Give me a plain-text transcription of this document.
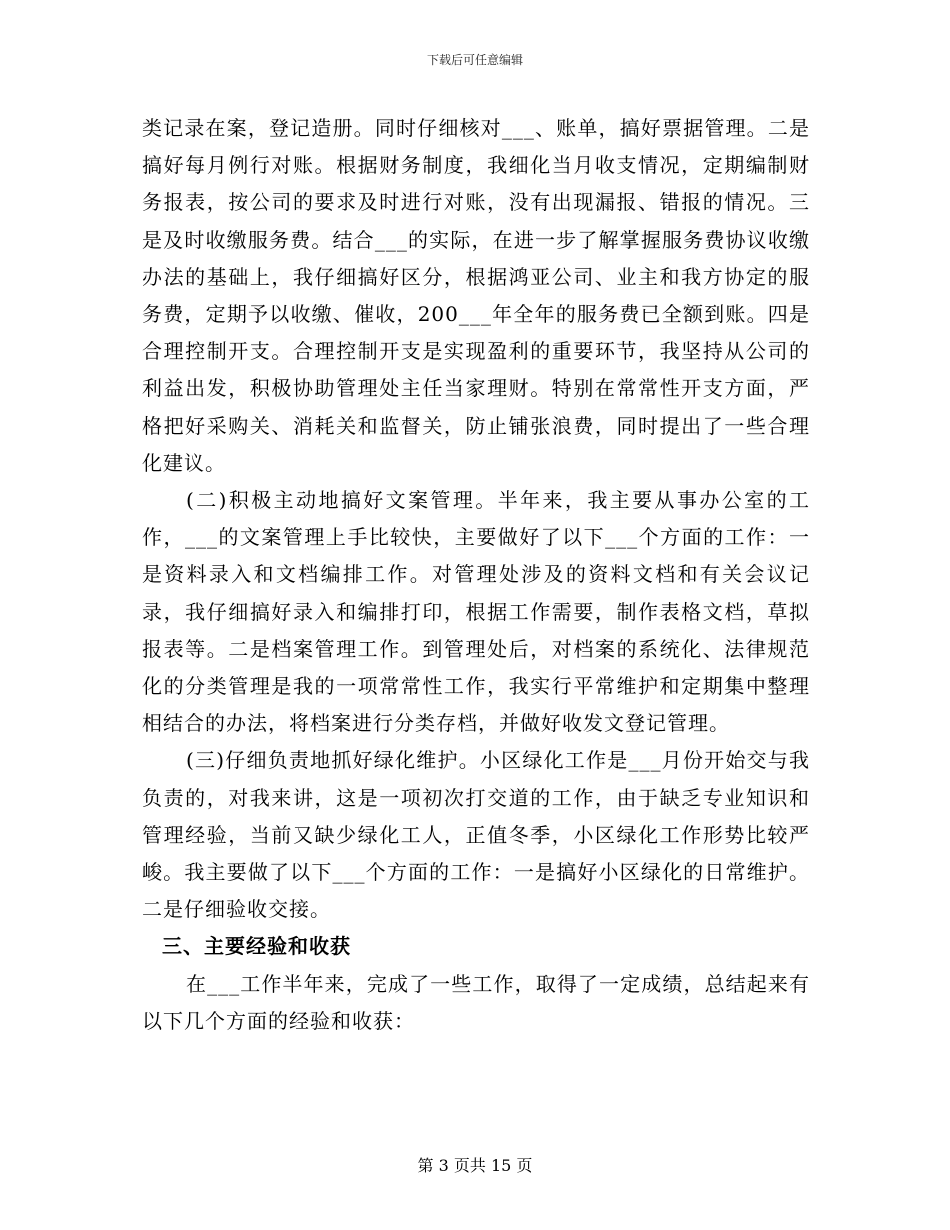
下载后可任意编辑

类记录在案，登记造册。同时仔细核对___、账单，搞好票据管理。二是搞好每月例行对账。根据财务制度，我细化当月收支情况，定期编制财务报表，按公司的要求及时进行对账，没有出现漏报、错报的情况。三是及时收缴服务费。结合___的实际，在进一步了解掌握服务费协议收缴办法的基础上，我仔细搞好区分，根据鸿亚公司、业主和我方协定的服务费，定期予以收缴、催收，200___年全年的服务费已全额到账。四是合理控制开支。合理控制开支是实现盈利的重要环节，我坚持从公司的利益出发，积极协助管理处主任当家理财。特别在常常性开支方面，严格把好采购关、消耗关和监督关，防止铺张浪费，同时提出了一些合理化建议。

(二)积极主动地搞好文案管理。半年来，我主要从事办公室的工作，___的文案管理上手比较快，主要做好了以下___个方面的工作：一是资料录入和文档编排工作。对管理处涉及的资料文档和有关会议记录，我仔细搞好录入和编排打印，根据工作需要，制作表格文档，草拟报表等。二是档案管理工作。到管理处后，对档案的系统化、法律规范化的分类管理是我的一项常常性工作，我实行平常维护和定期集中整理相结合的办法，将档案进行分类存档，并做好收发文登记管理。

(三)仔细负责地抓好绿化维护。小区绿化工作是___月份开始交与我负责的，对我来讲，这是一项初次打交道的工作，由于缺乏专业知识和管理经验，当前又缺少绿化工人，正值冬季，小区绿化工作形势比较严峻。我主要做了以下___个方面的工作：一是搞好小区绿化的日常维护。二是仔细验收交接。

三、主要经验和收获

在___工作半年来，完成了一些工作，取得了一定成绩，总结起来有以下几个方面的经验和收获：

第 3 页共 15 页
